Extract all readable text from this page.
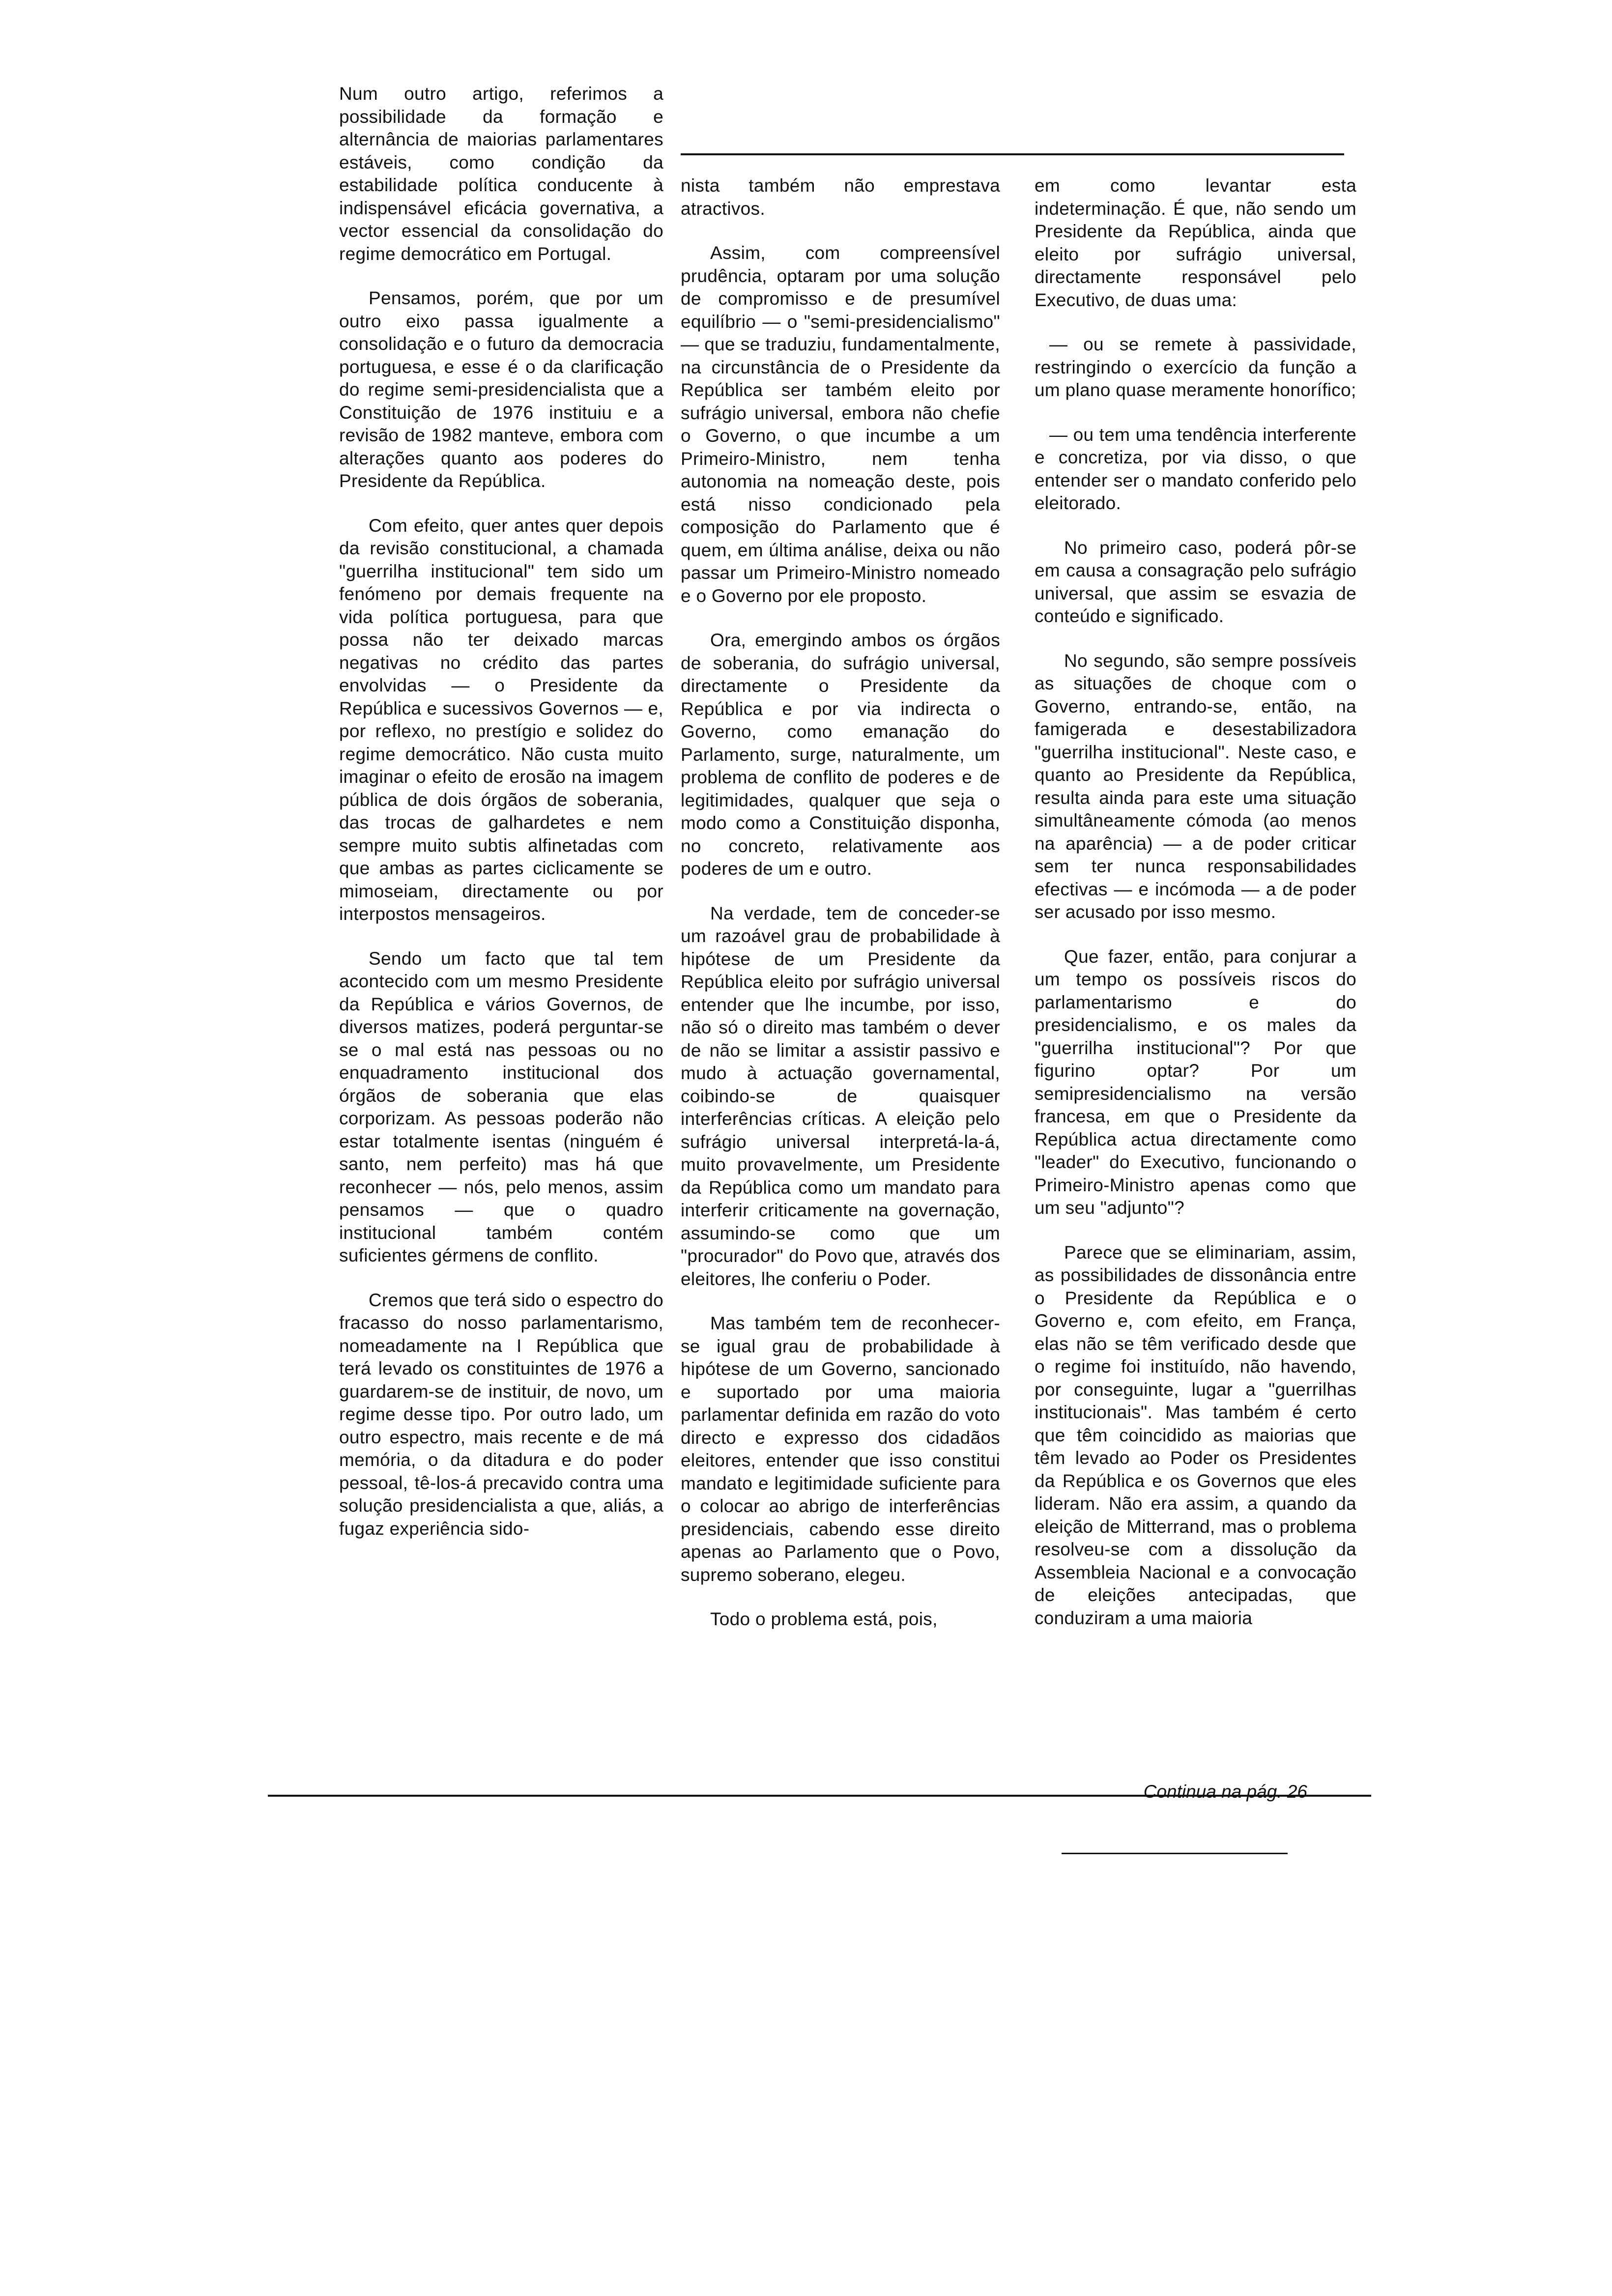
Num outro artigo, referimos a possibilidade da formação e alternância de maiorias parlamentares estáveis, como condição da estabilidade política conducente à indispensável eficácia governativa, a vector essencial da consolidação do regime democrático em Portugal.

Pensamos, porém, que por um outro eixo passa igualmente a consolidação e o futuro da democracia portuguesa, e esse é o da clarificação do regime semi-presidencialista que a Constituição de 1976 instituiu e a revisão de 1982 manteve, embora com alterações quanto aos poderes do Presidente da República.

Com efeito, quer antes quer depois da revisão constitucional, a chamada "guerrilha institucional" tem sido um fenómeno por demais frequente na vida política portuguesa, para que possa não ter deixado marcas negativas no crédito das partes envolvidas — o Presidente da República e sucessivos Governos — e, por reflexo, no prestígio e solidez do regime democrático. Não custa muito imaginar o efeito de erosão na imagem pública de dois órgãos de soberania, das trocas de galhardetes e nem sempre muito subtis alfinetadas com que ambas as partes ciclicamente se mimoseiam, directamente ou por interpostos mensageiros.

Sendo um facto que tal tem acontecido com um mesmo Presidente da República e vários Governos, de diversos matizes, poderá perguntar-se se o mal está nas pessoas ou no enquadramento institucional dos órgãos de soberania que elas corporizam. As pessoas poderão não estar totalmente isentas (ninguém é santo, nem perfeito) mas há que reconhecer — nós, pelo menos, assim pensamos — que o quadro institucional também contém suficientes gérmens de conflito.

Cremos que terá sido o espectro do fracasso do nosso parlamentarismo, nomeadamente na I República que terá levado os constituintes de 1976 a guardarem-se de instituir, de novo, um regime desse tipo. Por outro lado, um outro espectro, mais recente e de má memória, o da ditadura e do poder pessoal, tê-los-á precavido contra uma solução presidencialista a que, aliás, a fugaz experiência sido-

nista também não emprestava atractivos.

Assim, com compreensível prudência, optaram por uma solução de compromisso e de presumível equilíbrio — o "semi-presidencialismo" — que se traduziu, fundamentalmente, na circunstância de o Presidente da República ser também eleito por sufrágio universal, embora não chefie o Governo, o que incumbe a um Primeiro-Ministro, nem tenha autonomia na nomeação deste, pois está nisso condicionado pela composição do Parlamento que é quem, em última análise, deixa ou não passar um Primeiro-Ministro nomeado e o Governo por ele proposto.

Ora, emergindo ambos os órgãos de soberania, do sufrágio universal, directamente o Presidente da República e por via indirecta o Governo, como emanação do Parlamento, surge, naturalmente, um problema de conflito de poderes e de legitimidades, qualquer que seja o modo como a Constituição disponha, no concreto, relativamente aos poderes de um e outro.

Na verdade, tem de conceder-se um razoável grau de probabilidade à hipótese de um Presidente da República eleito por sufrágio universal entender que lhe incumbe, por isso, não só o direito mas também o dever de não se limitar a assistir passivo e mudo à actuação governamental, coibindo-se de quaisquer interferências críticas. A eleição pelo sufrágio universal interpretá-la-á, muito provavelmente, um Presidente da República como um mandato para interferir criticamente na governação, assumindo-se como que um "procurador" do Povo que, através dos eleitores, lhe conferiu o Poder.

Mas também tem de reconhecer-se igual grau de probabilidade à hipótese de um Governo, sancionado e suportado por uma maioria parlamentar definida em razão do voto directo e expresso dos cidadãos eleitores, entender que isso constitui mandato e legitimidade suficiente para o colocar ao abrigo de interferências presidenciais, cabendo esse direito apenas ao Parlamento que o Povo, supremo soberano, elegeu.

Todo o problema está, pois,

em como levantar esta indeterminação. É que, não sendo um Presidente da República, ainda que eleito por sufrágio universal, directamente responsável pelo Executivo, de duas uma:

— ou se remete à passividade, restringindo o exercício da função a um plano quase meramente honorífico;

— ou tem uma tendência interferente e concretiza, por via disso, o que entender ser o mandato conferido pelo eleitorado.

No primeiro caso, poderá pôr-se em causa a consagração pelo sufrágio universal, que assim se esvazia de conteúdo e significado.

No segundo, são sempre possíveis as situações de choque com o Governo, entrando-se, então, na famigerada e desestabilizadora "guerrilha institucional". Neste caso, e quanto ao Presidente da República, resulta ainda para este uma situação simultâneamente cómoda (ao menos na aparência) — a de poder criticar sem ter nunca responsabilidades efectivas — e incómoda — a de poder ser acusado por isso mesmo.

Que fazer, então, para conjurar a um tempo os possíveis riscos do parlamentarismo e do presidencialismo, e os males da "guerrilha institucional"? Por que figurino optar? Por um semipresidencialismo na versão francesa, em que o Presidente da República actua directamente como "leader" do Executivo, funcionando o Primeiro-Ministro apenas como que um seu "adjunto"?

Parece que se eliminariam, assim, as possibilidades de dissonância entre o Presidente da República e o Governo e, com efeito, em França, elas não se têm verificado desde que o regime foi instituído, não havendo, por conseguinte, lugar a "guerrilhas institucionais". Mas também é certo que têm coincidido as maiorias que têm levado ao Poder os Presidentes da República e os Governos que eles lideram. Não era assim, a quando da eleição de Mitterrand, mas o problema resolveu-se com a dissolução da Assembleia Nacional e a convocação de eleições antecipadas, que conduziram a uma maioria

Continua na pág. 26
